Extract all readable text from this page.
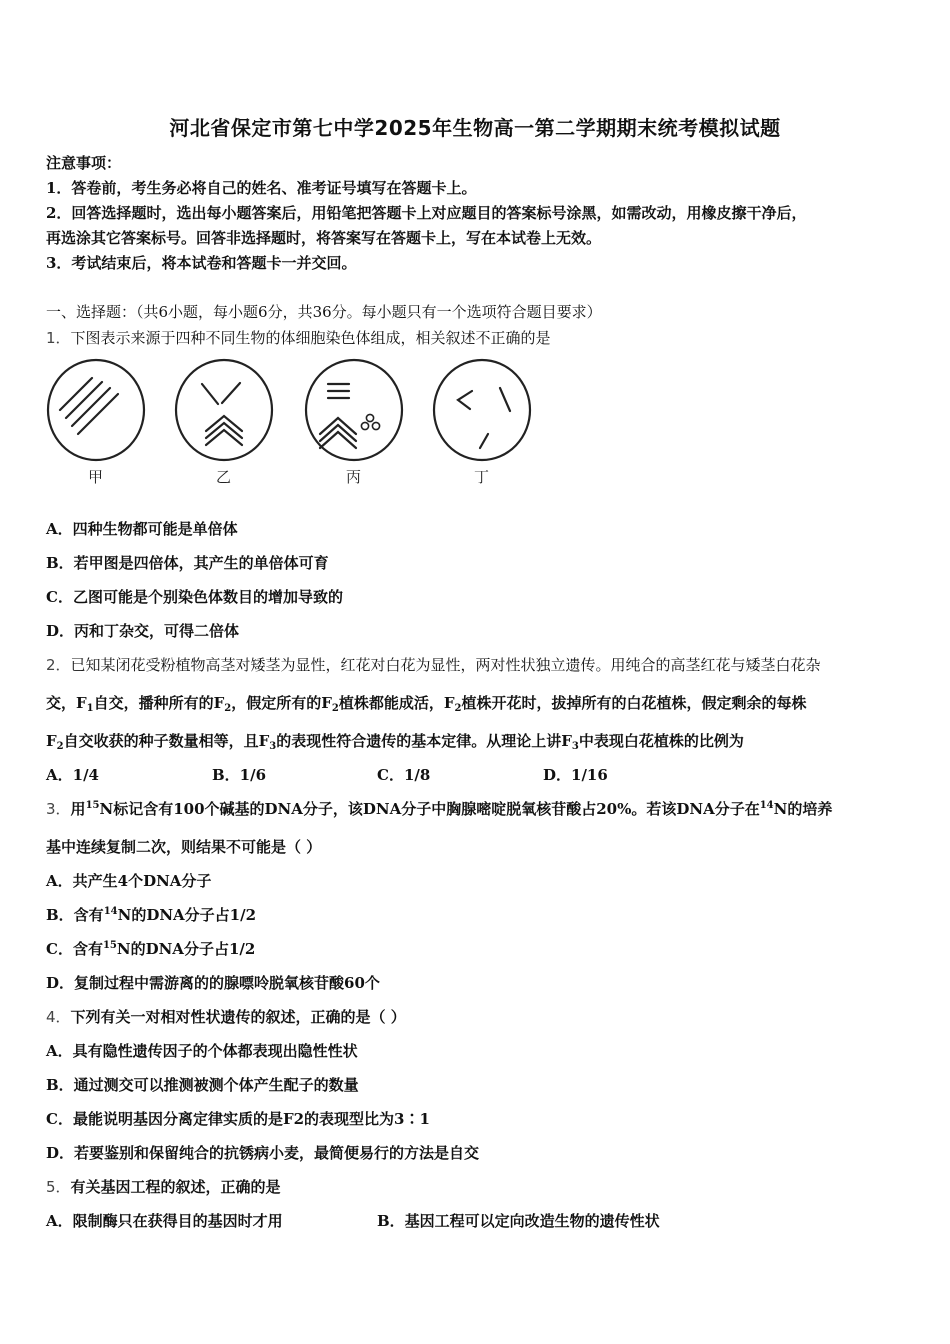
河北省保定市第七中学2025年生物高一第二学期期末统考模拟试题
注意事项：
1．答卷前，考生务必将自己的姓名、准考证号填写在答题卡上。
2．回答选择题时，选出每小题答案后，用铅笔把答题卡上对应题目的答案标号涂黑，如需改动，用橡皮擦干净后，
再选涂其它答案标号。回答非选择题时，将答案写在答题卡上，写在本试卷上无效。
3．考试结束后，将本试卷和答题卡一并交回。
一、选择题：（共6小题，每小题6分，共36分。每小题只有一个选项符合题目要求）
1．下图表示来源于四种不同生物的体细胞染色体组成，相关叙述不正确的是
甲	乙	丙	丁
A．四种生物都可能是单倍体
B．若甲图是四倍体，其产生的单倍体可育
C．乙图可能是个别染色体数目的增加导致的
D．丙和丁杂交，可得二倍体
2．已知某闭花受粉植物高茎对矮茎为显性，红花对白花为显性，两对性状独立遗传。用纯合的高茎红花与矮茎白花杂
交，$F_1$自交，播种所有的$F_2$，假定所有的$F_2$植株都能成活，$F_2$植株开花时，拔掉所有的白花植株，假定剩余的每株
$F_2$自交收获的种子数量相等，且$F_3$的表现性符合遗传的基本定律。从理论上讲$F_3$中表现白花植株的比例为
A．1/4	B．1/6	C．1/8	D．1/16
3．用$^{15}$N标记含有100个碱基的DNA分子，该DNA分子中胸腺嘧啶脱氧核苷酸占20%。若该DNA分子在$^{14}$N的培养
基中连续复制二次，则结果不可能是（ ）
A．共产生4个DNA分子
B．含有$^{14}$N的DNA分子占1/2
C．含有$^{15}$N的DNA分子占1/2
D．复制过程中需游离的的腺嘌呤脱氧核苷酸60个
4．下列有关一对相对性状遗传的叙述，正确的是（ ）
A．具有隐性遗传因子的个体都表现出隐性性状
B．通过测交可以推测被测个体产生配子的数量
C．最能说明基因分离定律实质的是F2的表现型比为3∶1
D．若要鉴别和保留纯合的抗锈病小麦，最简便易行的方法是自交
5．有关基因工程的叙述，正确的是
A．限制酶只在获得目的基因时才用	B．基因工程可以定向改造生物的遗传性状
